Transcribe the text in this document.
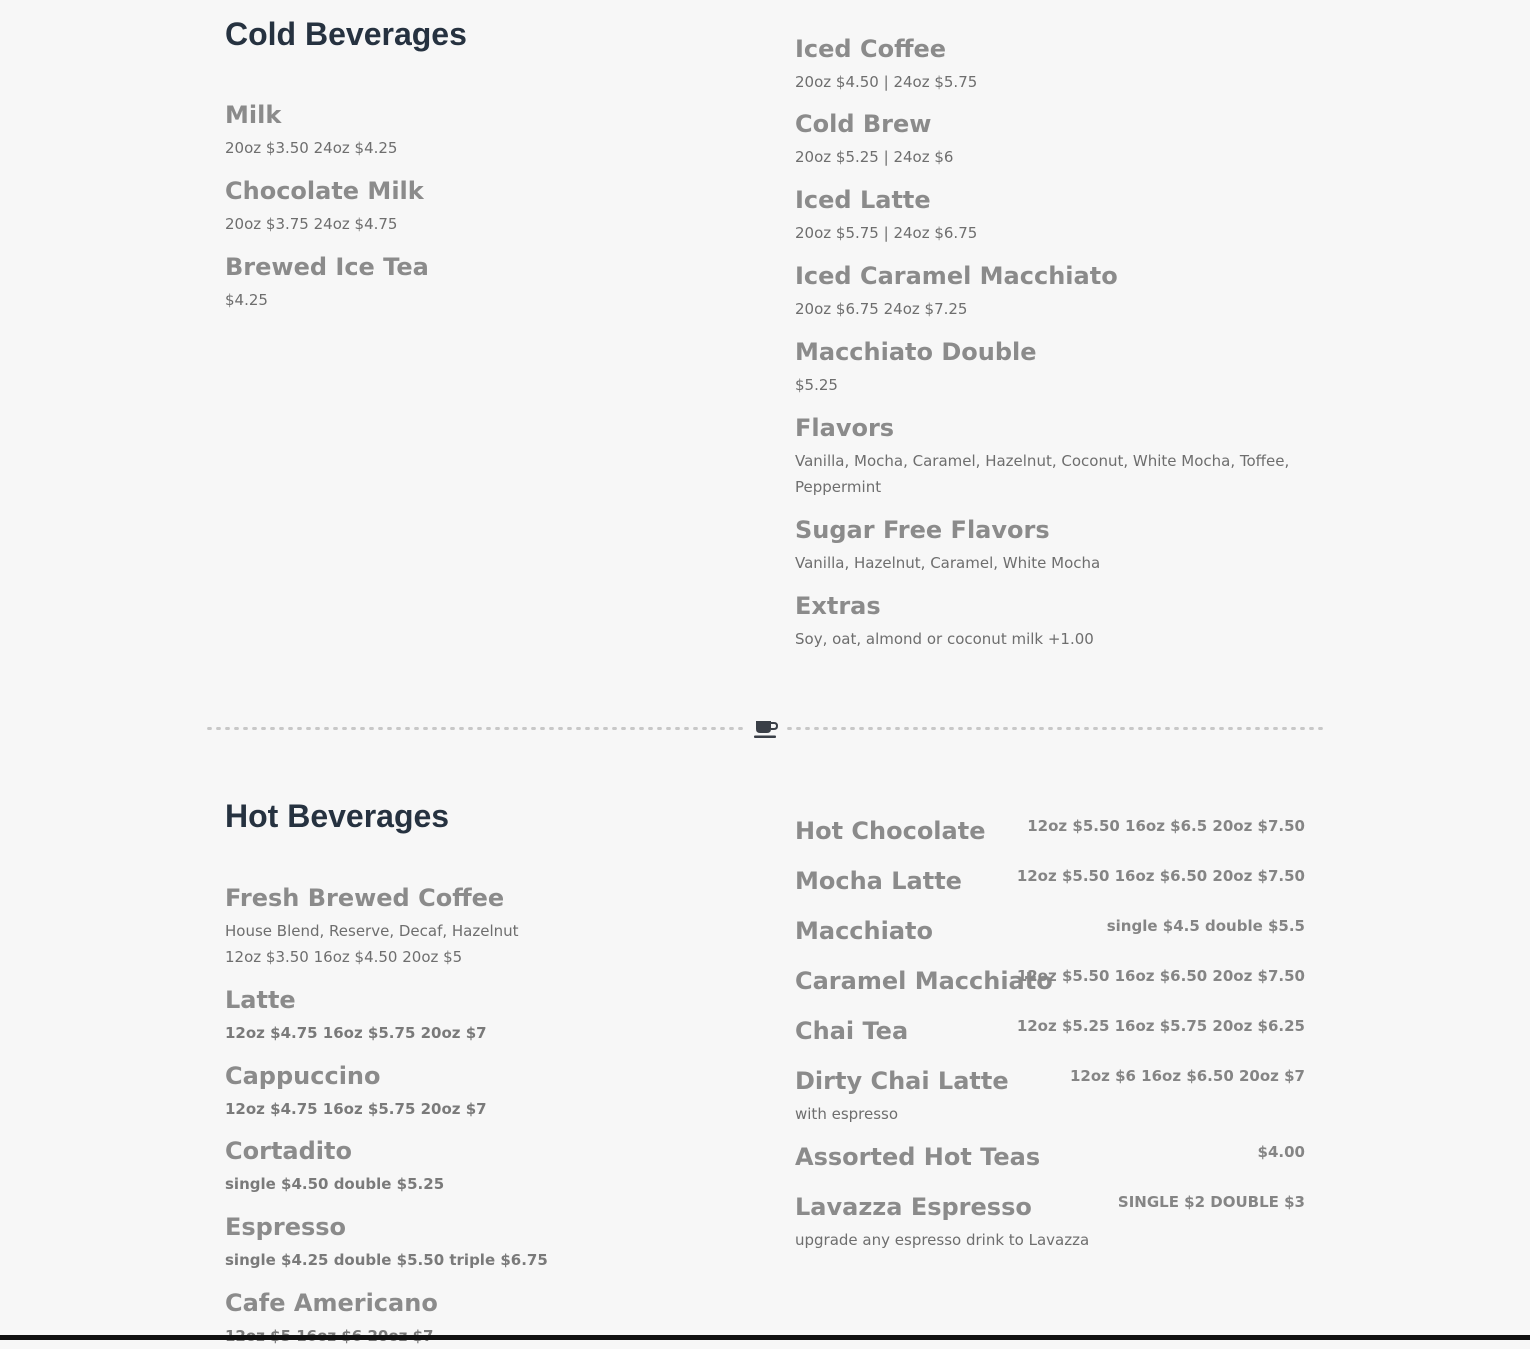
Cold Beverages
Milk
20oz $3.50 24oz $4.25
Chocolate Milk
20oz $3.75 24oz $4.75
Brewed Ice Tea
$4.25
Iced Coffee
20oz $4.50 | 24oz $5.75
Cold Brew
20oz $5.25 | 24oz $6
Iced Latte
20oz $5.75 | 24oz $6.75
Iced Caramel Macchiato
20oz $6.75 24oz $7.25
Macchiato Double
$5.25
Flavors
Vanilla, Mocha, Caramel, Hazelnut, Coconut, White Mocha, Toffee, Peppermint
Sugar Free Flavors
Vanilla, Hazelnut, Caramel, White Mocha
Extras
Soy, oat, almond or coconut milk +1.00
Hot Beverages
Fresh Brewed Coffee
House Blend, Reserve, Decaf, Hazelnut
12oz $3.50 16oz $4.50 20oz $5
Latte
12oz $4.75 16oz $5.75 20oz $7
Cappuccino
12oz $4.75 16oz $5.75 20oz $7
Cortadito
single $4.50 double $5.25
Espresso
single $4.25 double $5.50 triple $6.75
Cafe Americano
Hot Chocolate	12oz $5.50 16oz $6.5 20oz $7.50
Mocha Latte	12oz $5.50 16oz $6.50 20oz $7.50
Macchiato	single $4.5 double $5.5
Caramel Macchiato
12oz $5.50 16oz $6.50 20oz $7.50
Chai Tea	12oz $5.25 16oz $5.75 20oz $6.25
Dirty Chai Latte
with espresso
12oz $6 16oz $6.50 20oz $7
Assorted Hot Teas	$4.00
Lavazza Espresso
upgrade any espresso drink to Lavazza
SINGLE $2 DOUBLE $3
